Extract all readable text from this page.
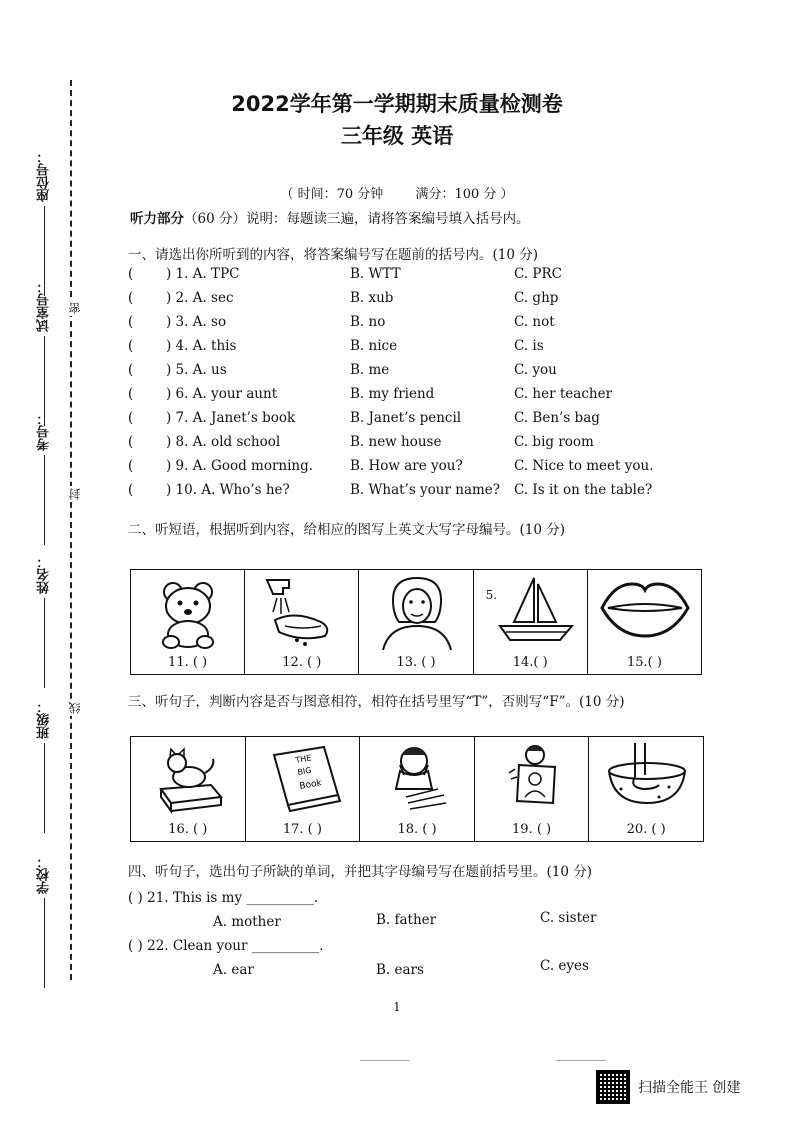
座位号：
试室号：
考号：
姓名：
班级：
学校：
密
封
线
2022学年第一学期期末质量检测卷
三年级 英语
（ 时间：70 分钟 满分：100 分 ）
听力部分（60 分）说明：每题读三遍，请将答案编号填入括号内。
一、请选出你所听到的内容，将答案编号写在题前的括号内。(10 分)
( ) 1. A. TPC	B. WTT	C. PRC
( ) 2. A. sec	B. xub	C. ghp
( ) 3. A. so	B. no	C. not
( ) 4. A. this	B. nice	C. is
( ) 5. A. us	B. me	C. you
( ) 6. A. your aunt	B. my friend	C. her teacher
( ) 7. A. Janet’s book	B. Janet’s pencil	C. Ben’s bag
( ) 8. A. old school	B. new house	C. big room
( ) 9. A. Good morning.	B. How are you?	C. Nice to meet you.
( ) 10. A. Who’s he?	B. What’s your name? C. Is it on the table?
二、听短语，根据听到内容，给相应的图写上英文大写字母编号。(10 分)
11. ( )	12. ( )	13. ( )
5.
14.( )	15.( )
三、听句子，判断内容是否与图意相符，相符在括号里写“T”，否则写“F”。(10 分)
16. ( )
THE
BIG
Book
17. ( )	18. ( )	19. ( )	20. ( )
四、听句子，选出句子所缺的单词，并把其字母编号写在题前括号里。(10 分)
( ) 21. This is my __________.
A. mother	B. father	C. sister
( ) 22. Clean your __________.
A. ear	B. ears	C. eyes
1
扫描全能王 创建
